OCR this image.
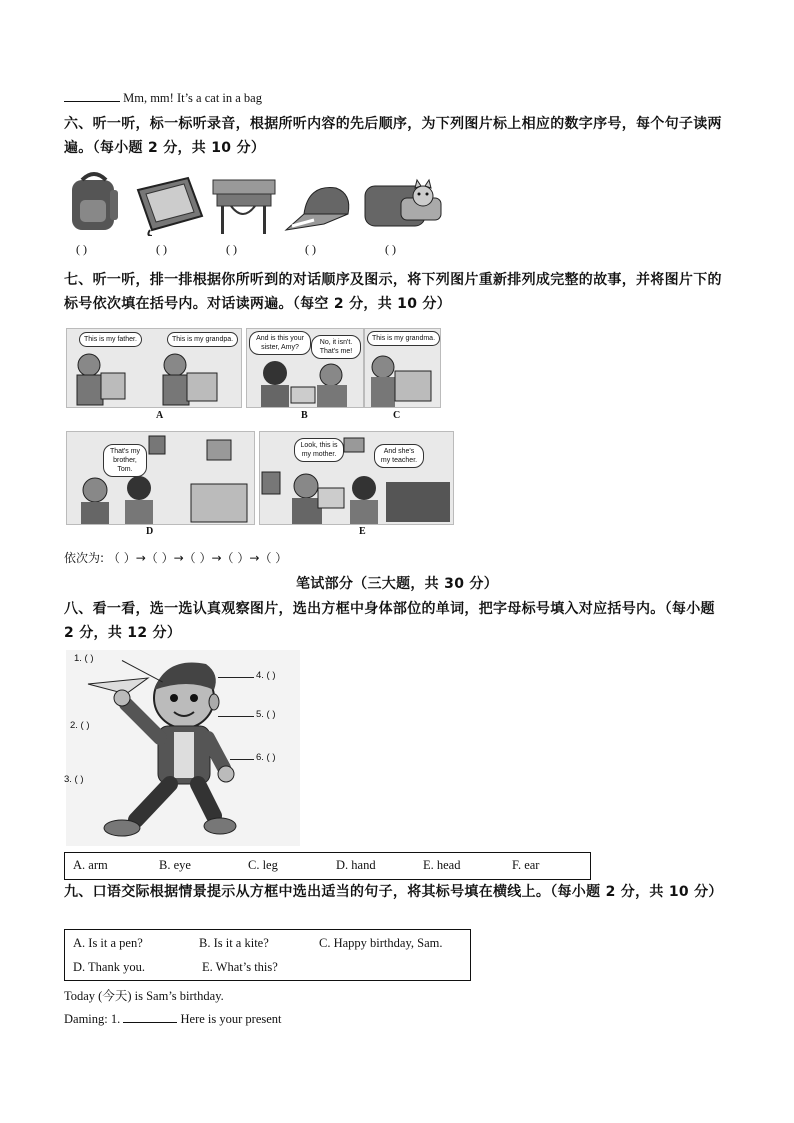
Mm, mm! It’s a cat in a bag
六、听一听，标一标听录音，根据所听内容的先后顺序，为下列图片标上相应的数字序号，每个句子读两遍。（每小题 2 分，共 10 分）
( )	( )	( )	( )	( )
七、听一听，排一排根据你所听到的对话顺序及图示，将下列图片重新排列成完整的故事，并将图片下的标号依次填在括号内。对话读两遍。（每空 2 分，共 10 分）
This is my father.	This is my grandpa.
A
And is this your sister, Amy?
No, it isn't. That's me!
B
This is my grandma.
C
That's my brother, Tom.
D
Look, this is my mother.	And she's my teacher.
E
依次为: （ ）→（ ）→（ ）→（ ）→（ ）
笔试部分（三大题，共 30 分）
八、看一看，选一选认真观察图片，选出方框中身体部位的单词，把字母标号填入对应括号内。（每小题 2 分，共 12 分）
1. ( )
2. ( )
3. ( )
4. ( )
5. ( )
6. ( )
A. arm	B. eye	C. leg	D. hand	E. head	F. ear
九、口语交际根据情景提示从方框中选出适当的句子，将其标号填在横线上。（每小题 2 分，共 10 分）
A. Is it a pen?	B. Is it a kite?	C. Happy birthday, Sam.
D. Thank you.	E. What’s this?
Today (今天) is Sam’s birthday.
Daming: 1.	Here is your present
